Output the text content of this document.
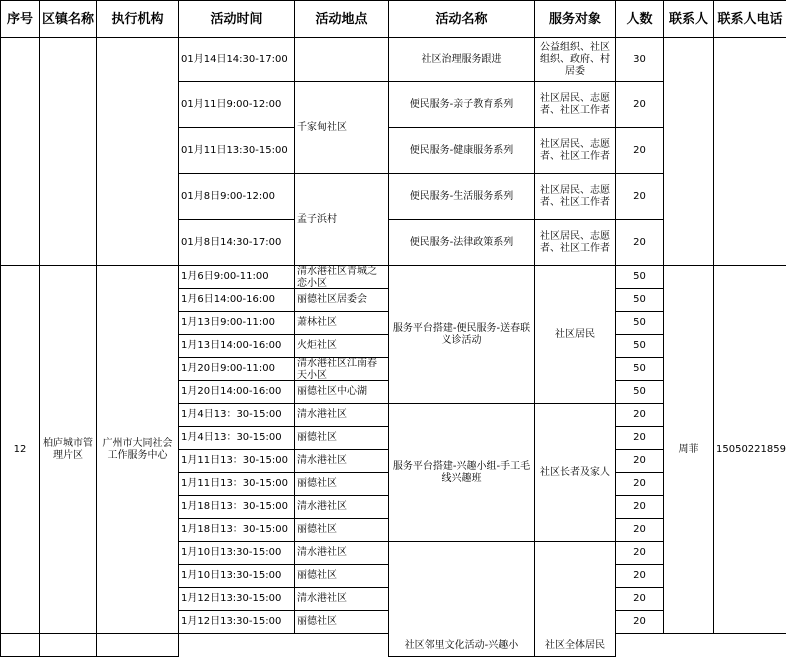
序号	区镇名称	执行机构	活动时间	活动地点	活动名称	服务对象	人数	联系人	联系人电话
			01月14日14:30-17:00		社区治理服务跟进	公益组织、社区组织、政府、村居委	30		
			01月11日9:00-12:00	千家甸社区	便民服务-亲子教育系列	社区居民、志愿者、社区工作者	20		
			01月11日13:30-15:00		便民服务-健康服务系列	社区居民、志愿者、社区工作者	20		
			01月8日9:00-12:00	孟子浜村	便民服务-生活服务系列	社区居民、志愿者、社区工作者	20		
			01月8日14:30-17:00		便民服务-法律政策系列	社区居民、志愿者、社区工作者	20		
12	柏庐城市管理片区	广州市大同社会工作服务中心	1月6日9:00-11:00	清水港社区青城之恋小区	服务平台搭建-便民服务-送春联义诊活动	社区居民	50	周菲	15050221859
			1月6日14:00-16:00	丽德社区居委会			50		
			1月13日9:00-11:00	萧林社区			50		
			1月13日14:00-16:00	火炬社区			50		
			1月20日9:00-11:00	清水港社区江南春天小区			50		
			1月20日14:00-16:00	丽德社区中心湖			50		
			1月4日13：30-15:00	清水港社区	服务平台搭建-兴趣小组-手工毛线兴趣班	社区长者及家人	20		
			1月4日13：30-15:00	丽德社区			20		
			1月11日13：30-15:00	清水港社区			20		
			1月11日13：30-15:00	丽德社区			20		
			1月18日13：30-15:00	清水港社区			20		
			1月18日13：30-15:00	丽德社区			20		
			1月10日13:30-15:00	清水港社区	社区邻里文化活动-兴趣小	社区全体居民	20		
			1月10日13:30-15:00	丽德社区			20		
			1月12日13:30-15:00	清水港社区			20		
			1月12日13:30-15:00	丽德社区			20		
